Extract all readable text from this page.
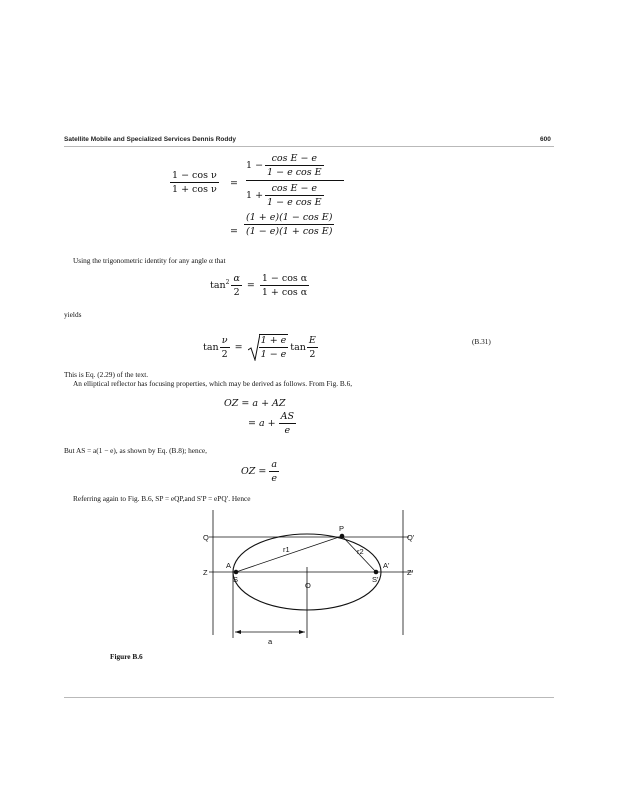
Satellite Mobile and Specialized Services Dennis Roddy	600
$\frac{\text{1 − cos ν}}{\text{1 + cos ν}}$ =
$1 - \frac{\text{cos E − e}}{\text{1 − e cos E}}$
$1 + \frac{\text{cos E − e}}{\text{1 − e cos E}}$
= $\frac{\text{(1 + e)(1 − cos E)}}{\text{(1 − e)(1 + cos E)}}$
Using the trigonometric identity for any angle α that
$\tan^2 \frac{\alpha}{2} = \frac{\text{1 − cos α}}{\text{1 + cos α}}$
yields
$\tan \frac{\nu}{2} = \frac{1 + e}{1 - e}$ $\tan \frac{E}{2}$	(B.31)
This is Eq. (2.29) of the text.
An elliptical reflector has focusing properties, which may be derived as follows. From Fig. B.6,
OZ = a + AZ
= $a + \frac{AS}{e}$
But AS = a(1 − e), as shown by Eq. (B.8); hence,
OZ = $\frac{a}{e}$
Referring again to Fig. B.6, SP = eQP,and S′P = ePQ′. Hence
Q	Q'
P
r1	r2
Z
A	A'
Z'
S
O
S'
a
Figure B.6
